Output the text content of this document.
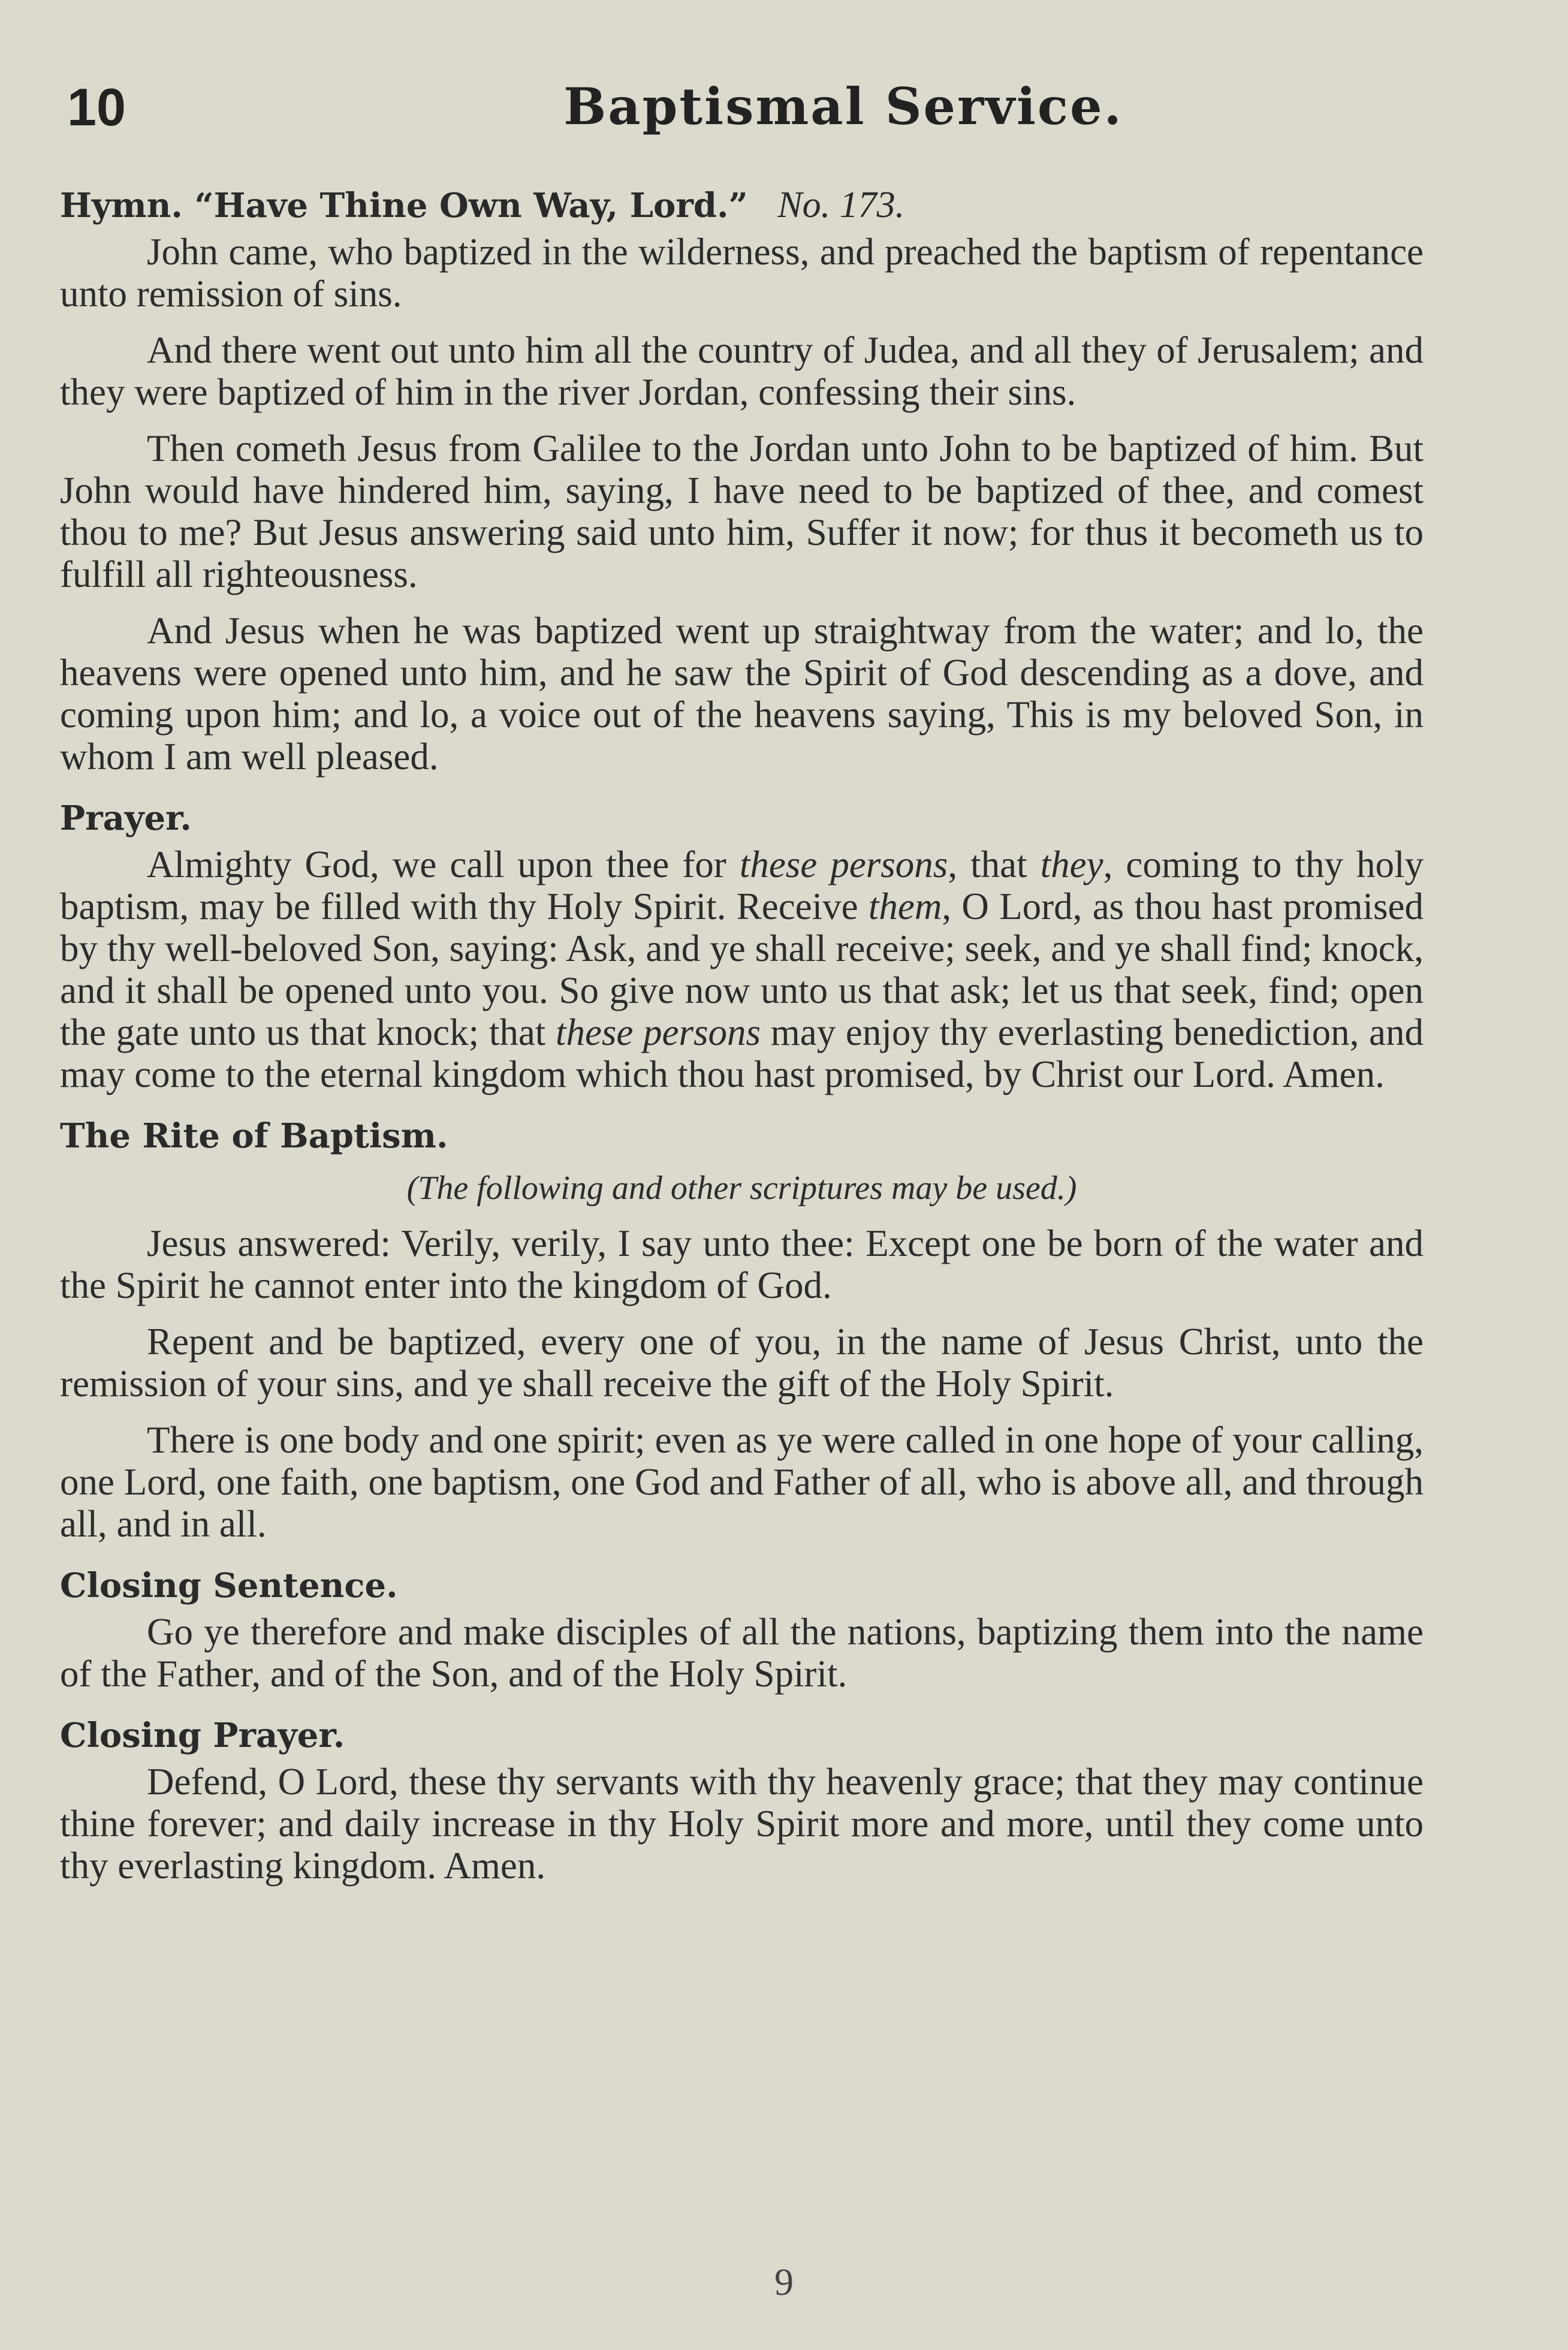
10	Baptismal Service.
Hymn. “Have Thine Own Way, Lord.” No. 173.

John came, who baptized in the wilderness, and preached the baptism of repentance unto remission of sins.

And there went out unto him all the country of Judea, and all they of Jerusalem; and they were baptized of him in the river Jordan, confessing their sins.

Then cometh Jesus from Galilee to the Jordan unto John to be baptized of him. But John would have hindered him, saying, I have need to be baptized of thee, and comest thou to me? But Jesus answering said unto him, Suffer it now; for thus it becometh us to fulfill all righteousness.

And Jesus when he was baptized went up straightway from the water; and lo, the heavens were opened unto him, and he saw the Spirit of God descending as a dove, and coming upon him; and lo, a voice out of the heavens saying, This is my beloved Son, in whom I am well pleased.

Prayer.

Almighty God, we call upon thee for these persons, that they, coming to thy holy baptism, may be filled with thy Holy Spirit. Receive them, O Lord, as thou hast promised by thy well-beloved Son, saying: Ask, and ye shall receive; seek, and ye shall find; knock, and it shall be opened unto you. So give now unto us that ask; let us that seek, find; open the gate unto us that knock; that these persons may enjoy thy everlasting benediction, and may come to the eternal kingdom which thou hast promised, by Christ our Lord. Amen.

The Rite of Baptism.
(The following and other scriptures may be used.)

Jesus answered: Verily, verily, I say unto thee: Except one be born of the water and the Spirit he cannot enter into the kingdom of God.

Repent and be baptized, every one of you, in the name of Jesus Christ, unto the remission of your sins, and ye shall receive the gift of the Holy Spirit.

There is one body and one spirit; even as ye were called in one hope of your calling, one Lord, one faith, one baptism, one God and Father of all, who is above all, and through all, and in all.

Closing Sentence.

Go ye therefore and make disciples of all the nations, baptizing them into the name of the Father, and of the Son, and of the Holy Spirit.

Closing Prayer.

Defend, O Lord, these thy servants with thy heavenly grace; that they may continue thine forever; and daily increase in thy Holy Spirit more and more, until they come unto thy everlasting kingdom. Amen.

9
